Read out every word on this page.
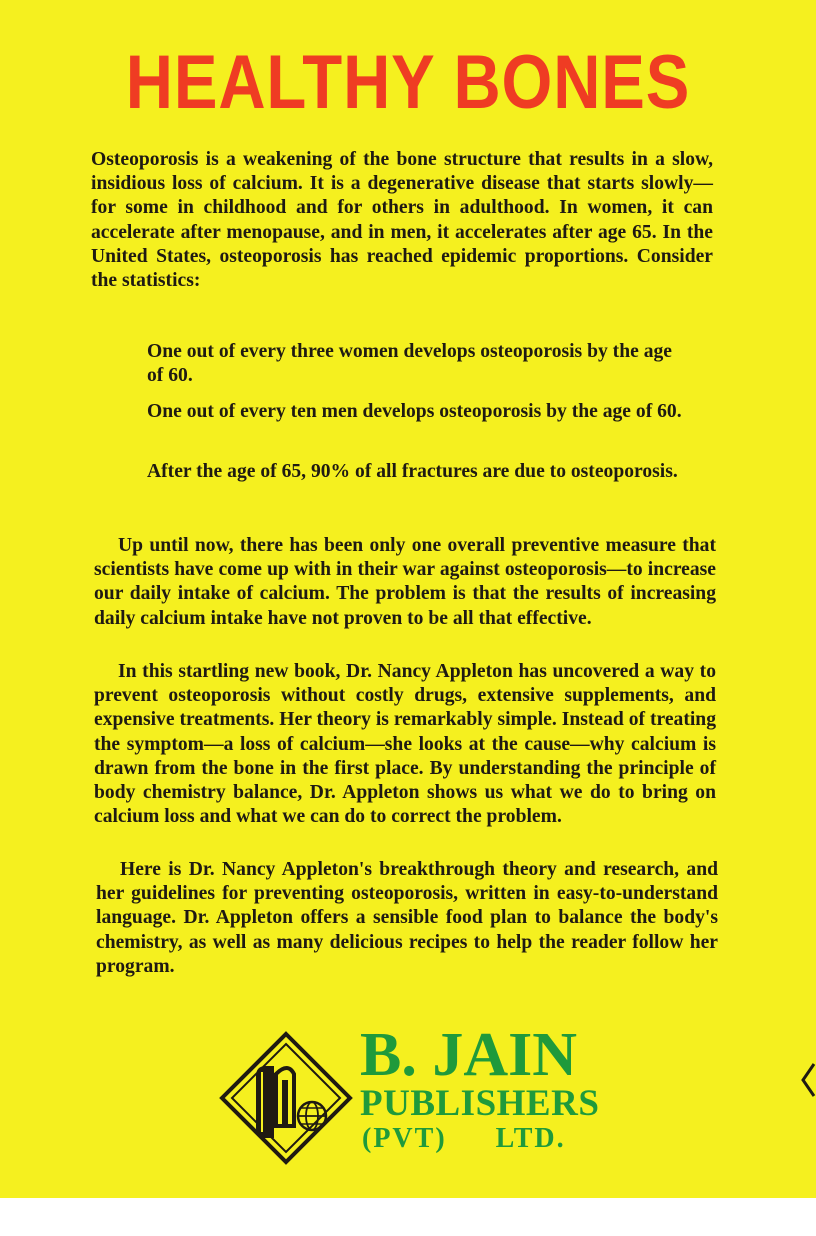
HEALTHY BONES

Osteoporosis is a weakening of the bone structure that results in a slow, insidious loss of calcium. It is a degenerative disease that starts slowly—for some in childhood and for others in adulthood. In women, it can accelerate after menopause, and in men, it accelerates after age 65. In the United States, osteoporosis has reached epidemic proportions. Consider the statistics:

One out of every three women develops osteoporosis by the age of 60.

One out of every ten men develops osteoporosis by the age of 60.

After the age of 65, 90% of all fractures are due to osteoporosis.

Up until now, there has been only one overall preventive measure that scientists have come up with in their war against osteoporosis—to increase our daily intake of calcium. The problem is that the results of increasing daily calcium intake have not proven to be all that effective.

In this startling new book, Dr. Nancy Appleton has uncovered a way to prevent osteoporosis without costly drugs, extensive supplements, and expensive treatments. Her theory is remarkably simple. Instead of treating the symptom—a loss of calcium—she looks at the cause—why calcium is drawn from the bone in the first place. By understanding the principle of body chemistry balance, Dr. Appleton shows us what we do to bring on calcium loss and what we can do to correct the problem.

Here is Dr. Nancy Appleton's breakthrough theory and research, and her guidelines for preventing osteoporosis, written in easy-to-understand language. Dr. Appleton offers a sensible food plan to balance the body's chemistry, as well as many delicious recipes to help the reader follow her program.

B. JAIN
PUBLISHERS
(PVT) LTD.
